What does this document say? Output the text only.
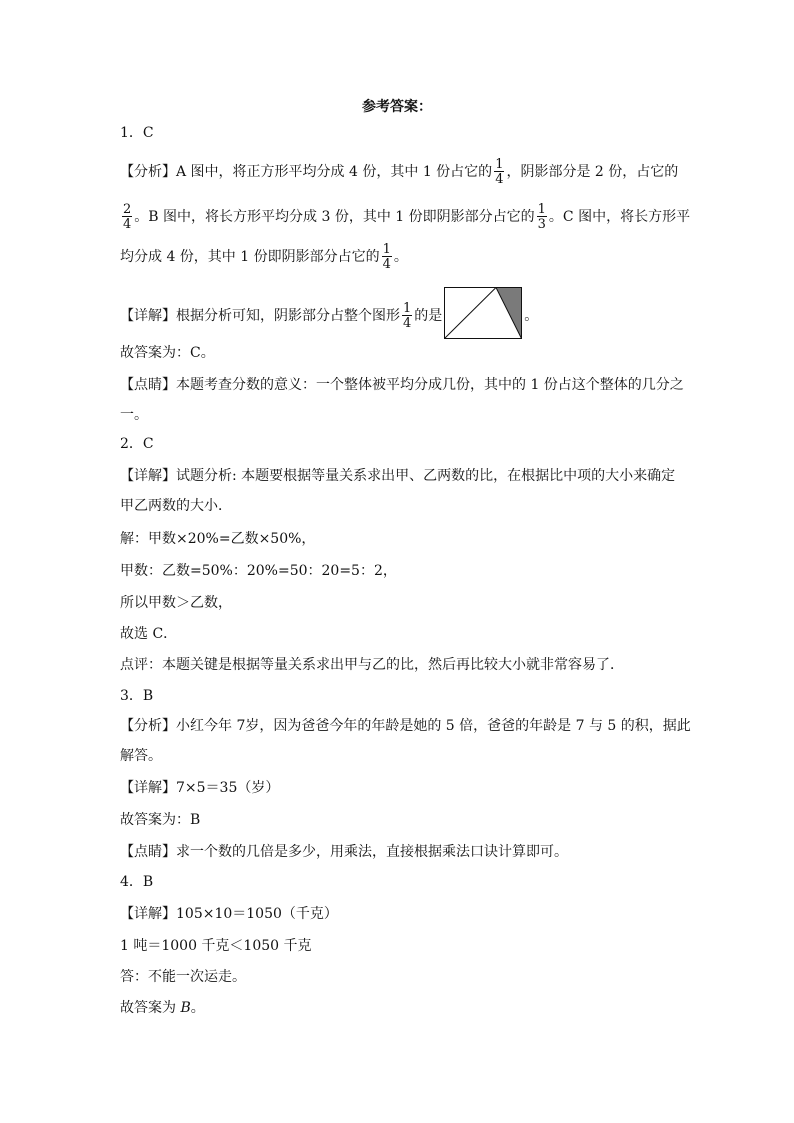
参考答案：
1．C
【分析】A 图中，将正方形平均分成 4 份，其中 1 份占它的 $\frac{1}{4}$ ，阴影部分是 2 份，占它的
$\frac{2}{4}$ 。B 图中，将长方形平均分成 3 份，其中 1 份即阴影部分占它的 $\frac{1}{3}$ 。C 图中，将长方形平
均分成 4 份，其中 1 份即阴影部分占它的 $\frac{1}{4}$ 。
【详解】根据分析可知，阴影部分占整个图形 $\frac{1}{4}$ 的是	。
故答案为：C。
【点睛】本题考查分数的意义：一个整体被平均分成几份，其中的 1 份占这个整体的几分之
一。
2．C
【详解】试题分析: 本题要根据等量关系求出甲、乙两数的比，在根据比中项的大小来确定
甲乙两数的大小．
解：甲数×20%=乙数×50%，
甲数：乙数=50%：20%=50：20=5：2，
所以甲数＞乙数，
故选 C．
点评：本题关键是根据等量关系求出甲与乙的比，然后再比较大小就非常容易了．
3．B
【分析】小红今年 7岁，因为爸爸今年的年龄是她的 5 倍，爸爸的年龄是 7 与 5 的积，据此
解答。
【详解】7×5＝35（岁）
故答案为：B
【点睛】求一个数的几倍是多少，用乘法，直接根据乘法口诀计算即可。
4．B
【详解】105×10＝1050（千克）
1 吨＝1000 千克＜1050 千克
答：不能一次运走。
故答案为 B。
